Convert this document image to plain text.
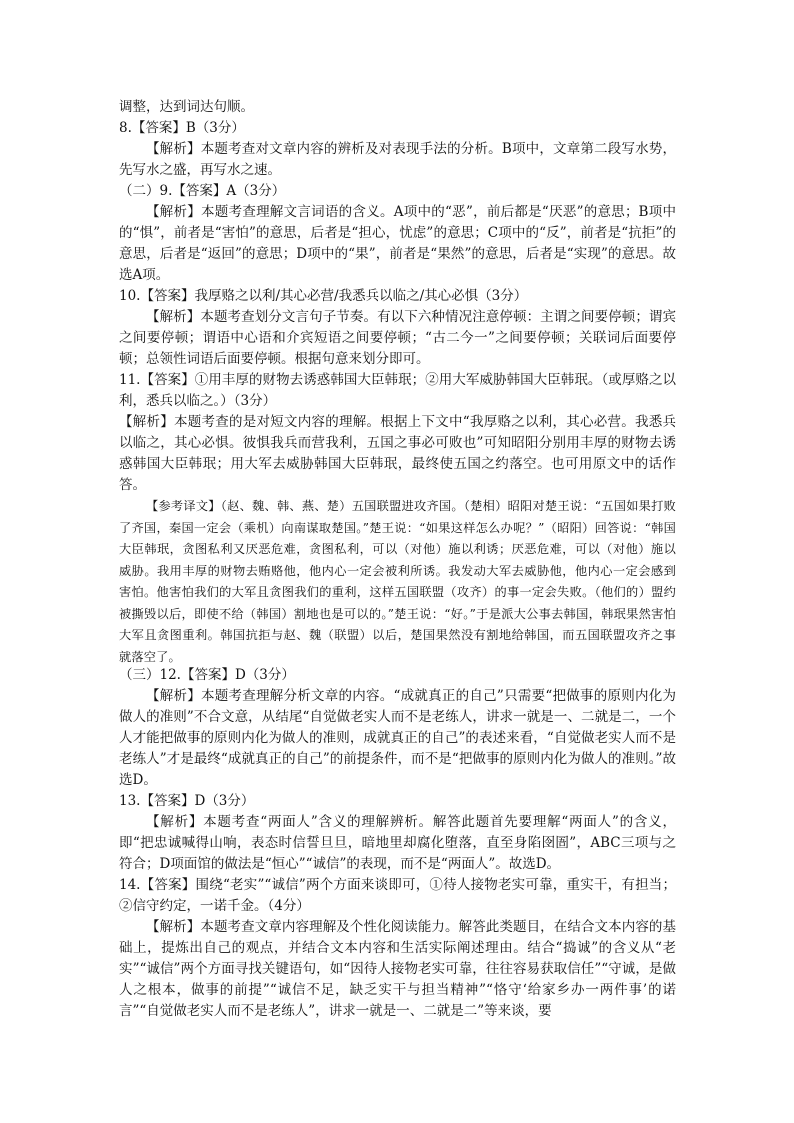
调整，达到词达句顺。

8.【答案】B（3分）

【解析】本题考查对文章内容的辨析及对表现手法的分析。B项中，文章第二段写水势，先写水之盛，再写水之速。

（二）9.【答案】A（3分）

【解析】本题考查理解文言词语的含义。A项中的“恶”，前后都是“厌恶”的意思；B项中的“惧”，前者是“害怕”的意思，后者是“担心，忧虑”的意思；C项中的“反”，前者是“抗拒”的意思，后者是“返回”的意思；D项中的“果”，前者是“果然”的意思，后者是“实现”的意思。故选A项。

10.【答案】我厚赂之以利/其心必营/我悉兵以临之/其心必惧（3分）

【解析】本题考查划分文言句子节奏。有以下六种情况注意停顿：主谓之间要停顿；谓宾之间要停顿；谓语中心语和介宾短语之间要停顿；“古二今一”之间要停顿；关联词后面要停顿；总领性词语后面要停顿。根据句意来划分即可。

11.【答案】①用丰厚的财物去诱惑韩国大臣韩珉；②用大军威胁韩国大臣韩珉。（或厚赂之以利，悉兵以临之。）（3分）

【解析】本题考查的是对短文内容的理解。根据上下文中“我厚赂之以利，其心必营。我悉兵以临之，其心必惧。彼惧我兵而营我利，五国之事必可败也”可知昭阳分别用丰厚的财物去诱惑韩国大臣韩珉；用大军去威胁韩国大臣韩珉，最终使五国之约落空。也可用原文中的话作答。

【参考译文】（赵、魏、韩、燕、楚）五国联盟进攻齐国。（楚相）昭阳对楚王说：“五国如果打败了齐国，秦国一定会（乘机）向南谋取楚国。”楚王说：“如果这样怎么办呢？”（昭阳）回答说：“韩国大臣韩珉，贪图私利又厌恶危难，贪图私利，可以（对他）施以利诱；厌恶危难，可以（对他）施以威胁。我用丰厚的财物去贿赂他，他内心一定会被利所诱。我发动大军去威胁他，他内心一定会感到害怕。他害怕我们的大军且贪图我们的重利，这样五国联盟（攻齐）的事一定会失败。（他们的）盟约被撕毁以后，即使不给（韩国）割地也是可以的。”楚王说：“好。”于是派大公事去韩国，韩珉果然害怕大军且贪图重利。韩国抗拒与赵、魏（联盟）以后，楚国果然没有割地给韩国，而五国联盟攻齐之事就落空了。

（三）12.【答案】D（3分）

【解析】本题考查理解分析文章的内容。“成就真正的自己”只需要“把做事的原则内化为做人的准则”不合文意，从结尾“自觉做老实人而不是老练人，讲求一就是一、二就是二，一个人才能把做事的原则内化为做人的准则，成就真正的自己”的表述来看，“自觉做老实人而不是老练人”才是最终“成就真正的自己”的前提条件，而不是“把做事的原则内化为做人的准则。”故选D。

13.【答案】D（3分）

【解析】本题考查“两面人”含义的理解辨析。解答此题首先要理解“两面人”的含义，即“把忠诚喊得山响，表态时信誓旦旦，暗地里却腐化堕落，直至身陷囹圄”，ABC三项与之符合；D项面馆的做法是“恒心”“诚信”的表现，而不是“两面人”。故选D。

14.【答案】围绕“老实”“诚信”两个方面来谈即可，①待人接物老实可靠，重实干，有担当；②信守约定，一诺千金。（4分）

【解析】本题考查文章内容理解及个性化阅读能力。解答此类题目，在结合文本内容的基础上，提炼出自己的观点，并结合文本内容和生活实际阐述理由。结合“捣诚”的含义从“老实”“诚信”两个方面寻找关键语句，如“因待人接物老实可靠，往往容易获取信任”“守诚，是做人之根本，做事的前提”“诚信不足，缺乏实干与担当精神”“恪守‘给家乡办一两件事’的诺言”“自觉做老实人而不是老练人”，讲求一就是一、二就是二”等来谈，要
